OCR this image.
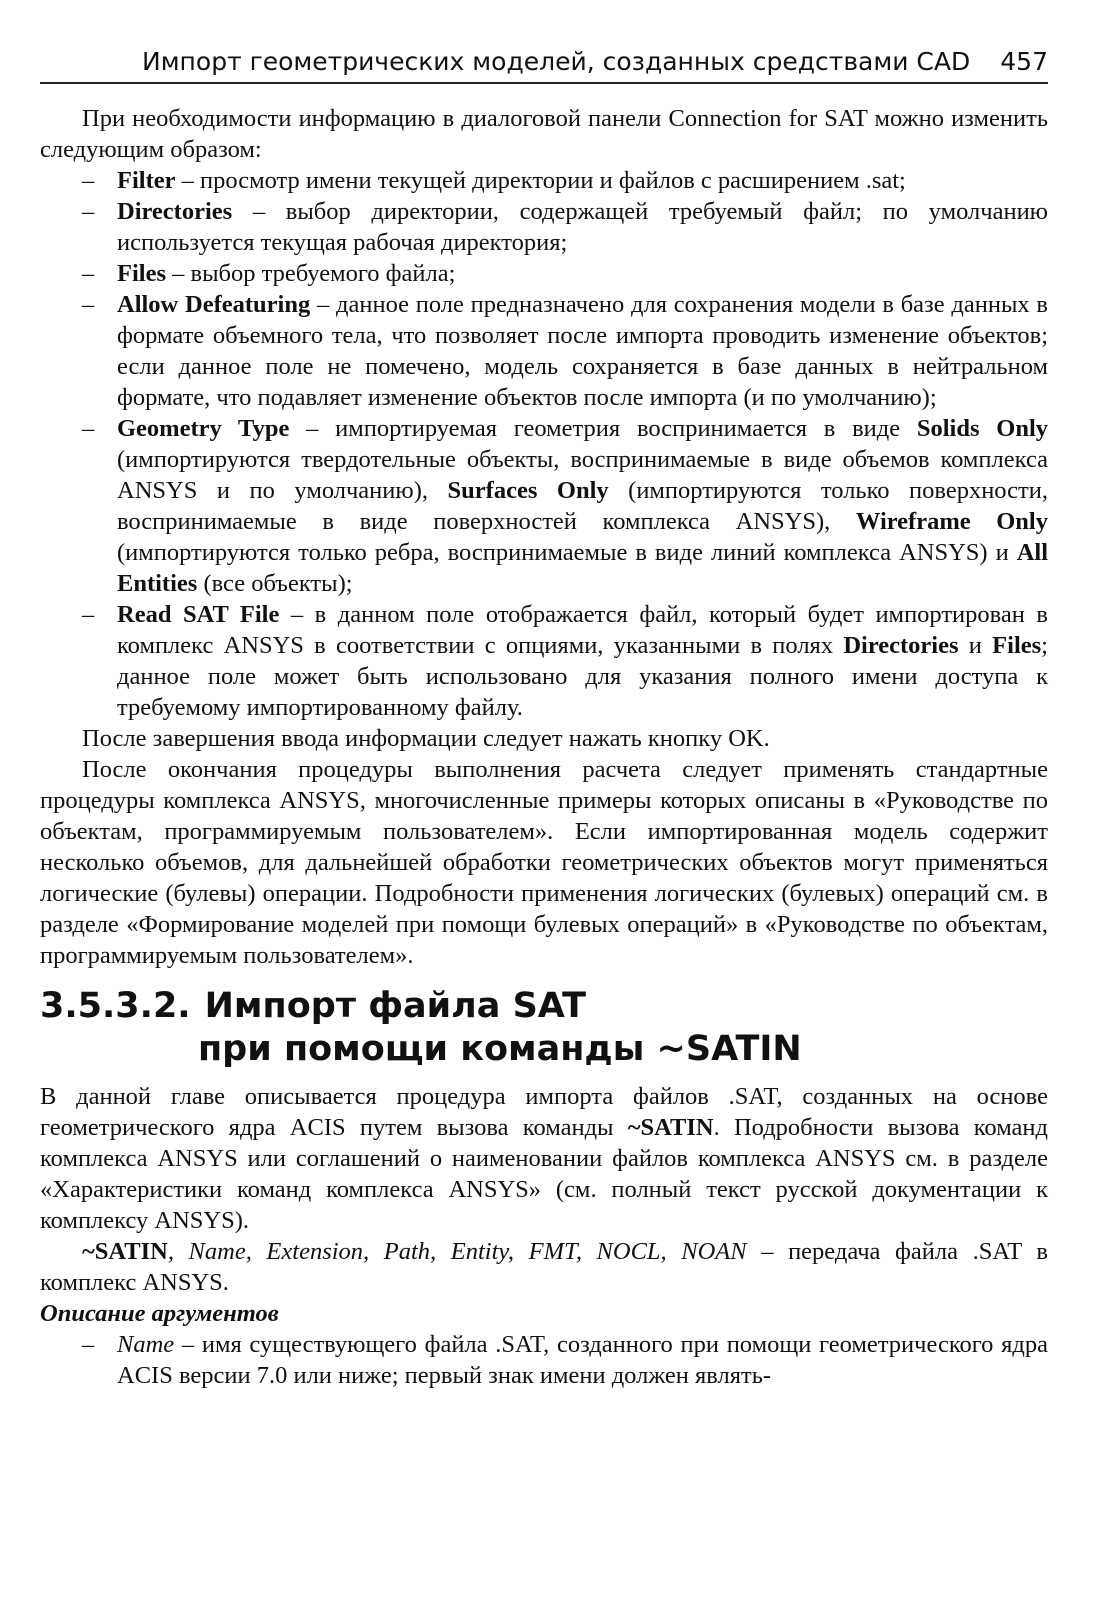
Импорт геометрических моделей, созданных средствами CAD 457

При необходимости информацию в диалоговой панели Connection for SAT можно изменить следующим образом:

– Filter – просмотр имени текущей директории и файлов с расширением .sat;
– Directories – выбор директории, содержащей требуемый файл; по умолчанию используется текущая рабочая директория;
– Files – выбор требуемого файла;
– Allow Defeaturing – данное поле предназначено для сохранения модели в базе данных в формате объемного тела, что позволяет после импорта проводить изменение объектов; если данное поле не помечено, модель сохраняется в базе данных в нейтральном формате, что подавляет изменение объектов после импорта (и по умолчанию);
– Geometry Type – импортируемая геометрия воспринимается в виде Solids Only (импортируются твердотельные объекты, воспринимаемые в виде объемов комплекса ANSYS и по умолчанию), Surfaces Only (импортируются только поверхности, воспринимаемые в виде поверхностей комплекса ANSYS), Wireframe Only (импортируются только ребра, воспринимаемые в виде линий комплекса ANSYS) и All Entities (все объекты);
– Read SAT File – в данном поле отображается файл, который будет импортирован в комплекс ANSYS в соответствии с опциями, указанными в полях Directories и Files; данное поле может быть использовано для указания полного имени доступа к требуемому импортированному файлу.

После завершения ввода информации следует нажать кнопку OK.

После окончания процедуры выполнения расчета следует применять стандартные процедуры комплекса ANSYS, многочисленные примеры которых описаны в «Руководстве по объектам, программируемым пользователем». Если импортированная модель содержит несколько объемов, для дальнейшей обработки геометрических объектов могут применяться логические (булевы) операции. Подробности применения логических (булевых) операций см. в разделе «Формирование моделей при помощи булевых операций» в «Руководстве по объектам, программируемым пользователем».

3.5.3.2. Импорт файла SAT
при помощи команды ~SATIN

В данной главе описывается процедура импорта файлов .SAT, созданных на основе геометрического ядра ACIS путем вызова команды ~SATIN. Подробности вызова команд комплекса ANSYS или соглашений о наименовании файлов комплекса ANSYS см. в разделе «Характеристики команд комплекса ANSYS» (см. полный текст русской документации к комплексу ANSYS).

~SATIN, Name, Extension, Path, Entity, FMT, NOCL, NOAN – передача файла .SAT в комплекс ANSYS.

Описание аргументов

– Name – имя существующего файла .SAT, созданного при помощи геометрического ядра ACIS версии 7.0 или ниже; первый знак имени должен являть-
